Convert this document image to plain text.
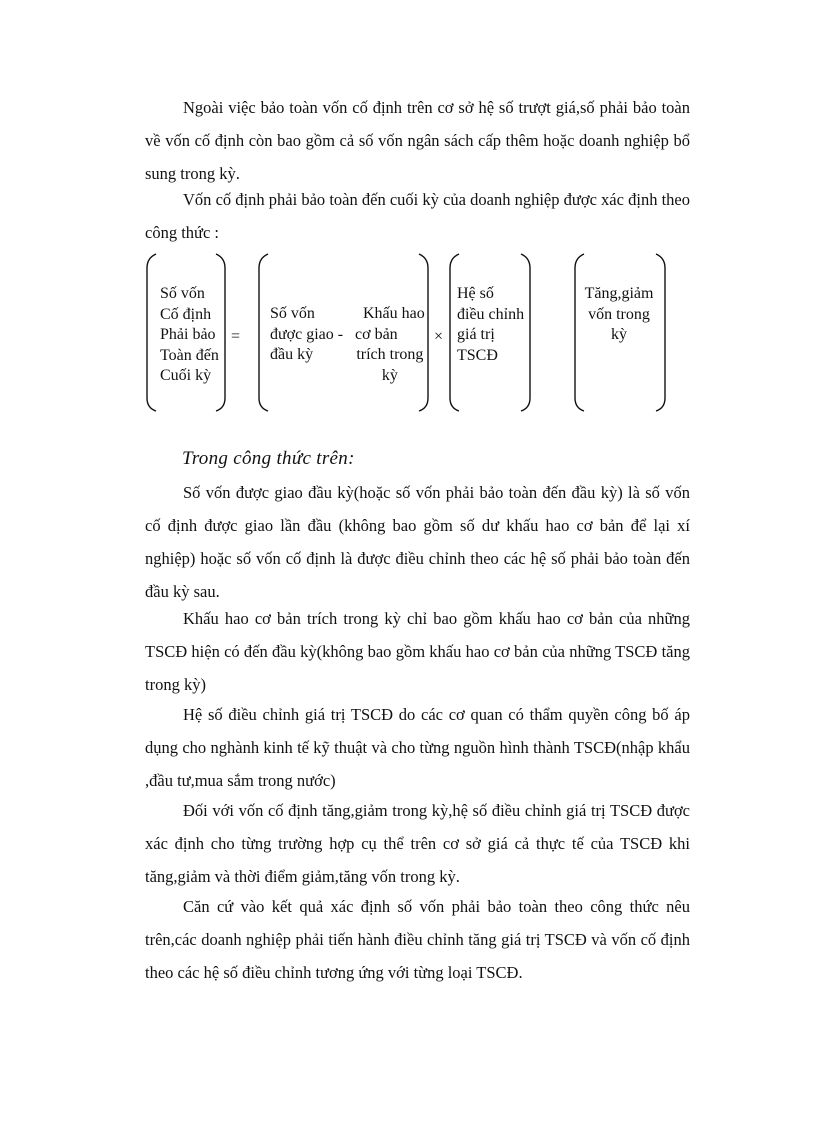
Ngoài việc bảo toàn vốn cố định trên cơ sở hệ số trượt giá,số phải bảo toàn về vốn cố định còn bao gồm cả số vốn ngân sách cấp thêm hoặc doanh nghiệp bổ sung trong kỳ.

Vốn cố định phải bảo toàn đến cuối kỳ của doanh nghiệp được xác định theo công thức :

Số vốn
Cố định
Phải bảo
Toàn đến
Cuối kỳ
=
Số vốn
được giao -
đầu kỳ
Khấu hao
cơ bản
trích trong
kỳ
×
Hệ số
điều chỉnh
giá trị
TSCĐ
Tăng,giảm
vốn trong
kỳ
Trong công thức trên:

Số vốn được giao đầu kỳ(hoặc số vốn phải bảo toàn đến đầu kỳ) là số vốn cố định được giao lần đầu (không bao gồm số dư khấu hao cơ bản để lại xí nghiệp) hoặc số vốn cố định là được điều chỉnh theo các hệ số phải bảo toàn đến đầu kỳ sau.

Khấu hao cơ bản trích trong kỳ chỉ bao gồm khấu hao cơ bản của những TSCĐ hiện có đến đầu kỳ(không bao gồm khấu hao cơ bản của những TSCĐ tăng trong kỳ)

Hệ số điều chỉnh giá trị TSCĐ do các cơ quan có thẩm quyền công bố áp dụng cho nghành kinh tế kỹ thuật và cho từng nguồn hình thành TSCĐ(nhập khẩu ,đầu tư,mua sắm trong nước)

Đối với vốn cố định tăng,giảm trong kỳ,hệ số điều chỉnh giá trị TSCĐ được xác định cho từng trường hợp cụ thể trên cơ sở giá cả thực tế của TSCĐ khi tăng,giảm và thời điểm giảm,tăng vốn trong kỳ.

Căn cứ vào kết quả xác định số vốn phải bảo toàn theo công thức nêu trên,các doanh nghiệp phải tiến hành điều chỉnh tăng giá trị TSCĐ và vốn cố định theo các hệ số điều chỉnh tương ứng với từng loại TSCĐ.
